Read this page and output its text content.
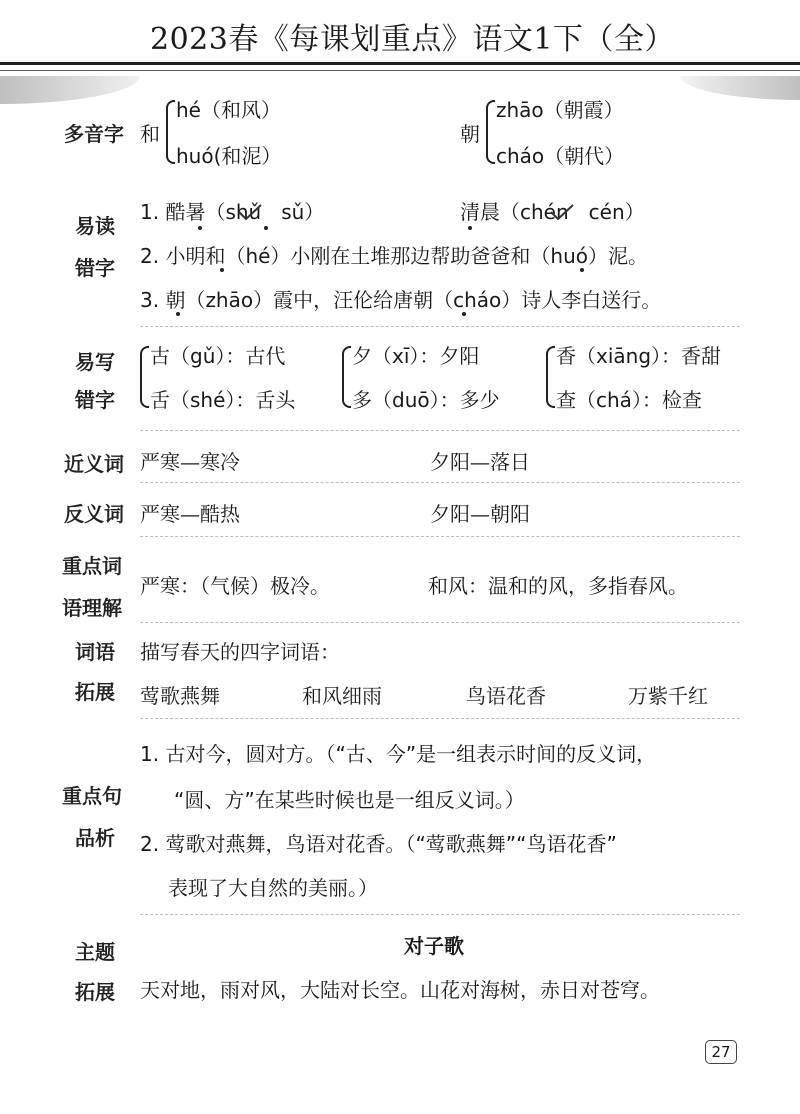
2023春《每课划重点》语文1下（全）
多音字 和
hé（和风）
huó(和泥）
朝
zhāo（朝霞）
cháo（朝代）
易读
错字
1. 酷暑（shǔ　sǔ）	清晨（chén　cén）
2. 小明和（hé）小刚在土堆那边帮助爸爸和（huó）泥。
3. 朝（zhāo）霞中，汪伦给唐朝（cháo）诗人李白送行。
易写
错字
古（gǔ）：古代
舌（shé）：舌头
夕（xī）：夕阳
多（duō）：多少
香（xiāng）：香甜
查（chá）：检查
近义词 严寒—寒冷	夕阳—落日
反义词 严寒—酷热	夕阳—朝阳
重点词
语理解
严寒：（气候）极冷。	和风：温和的风，多指春风。
词语
拓展
描写春天的四字词语：
莺歌燕舞	和风细雨	鸟语花香	万紫千红
重点句
品析
1. 古对今，圆对方。（“古、今”是一组表示时间的反义词，
“圆、方”在某些时候也是一组反义词。）
2. 莺歌对燕舞，鸟语对花香。（“莺歌燕舞”“鸟语花香”
表现了大自然的美丽。）
主题
拓展
对子歌
天对地，雨对风，大陆对长空。山花对海树，赤日对苍穹。
27
